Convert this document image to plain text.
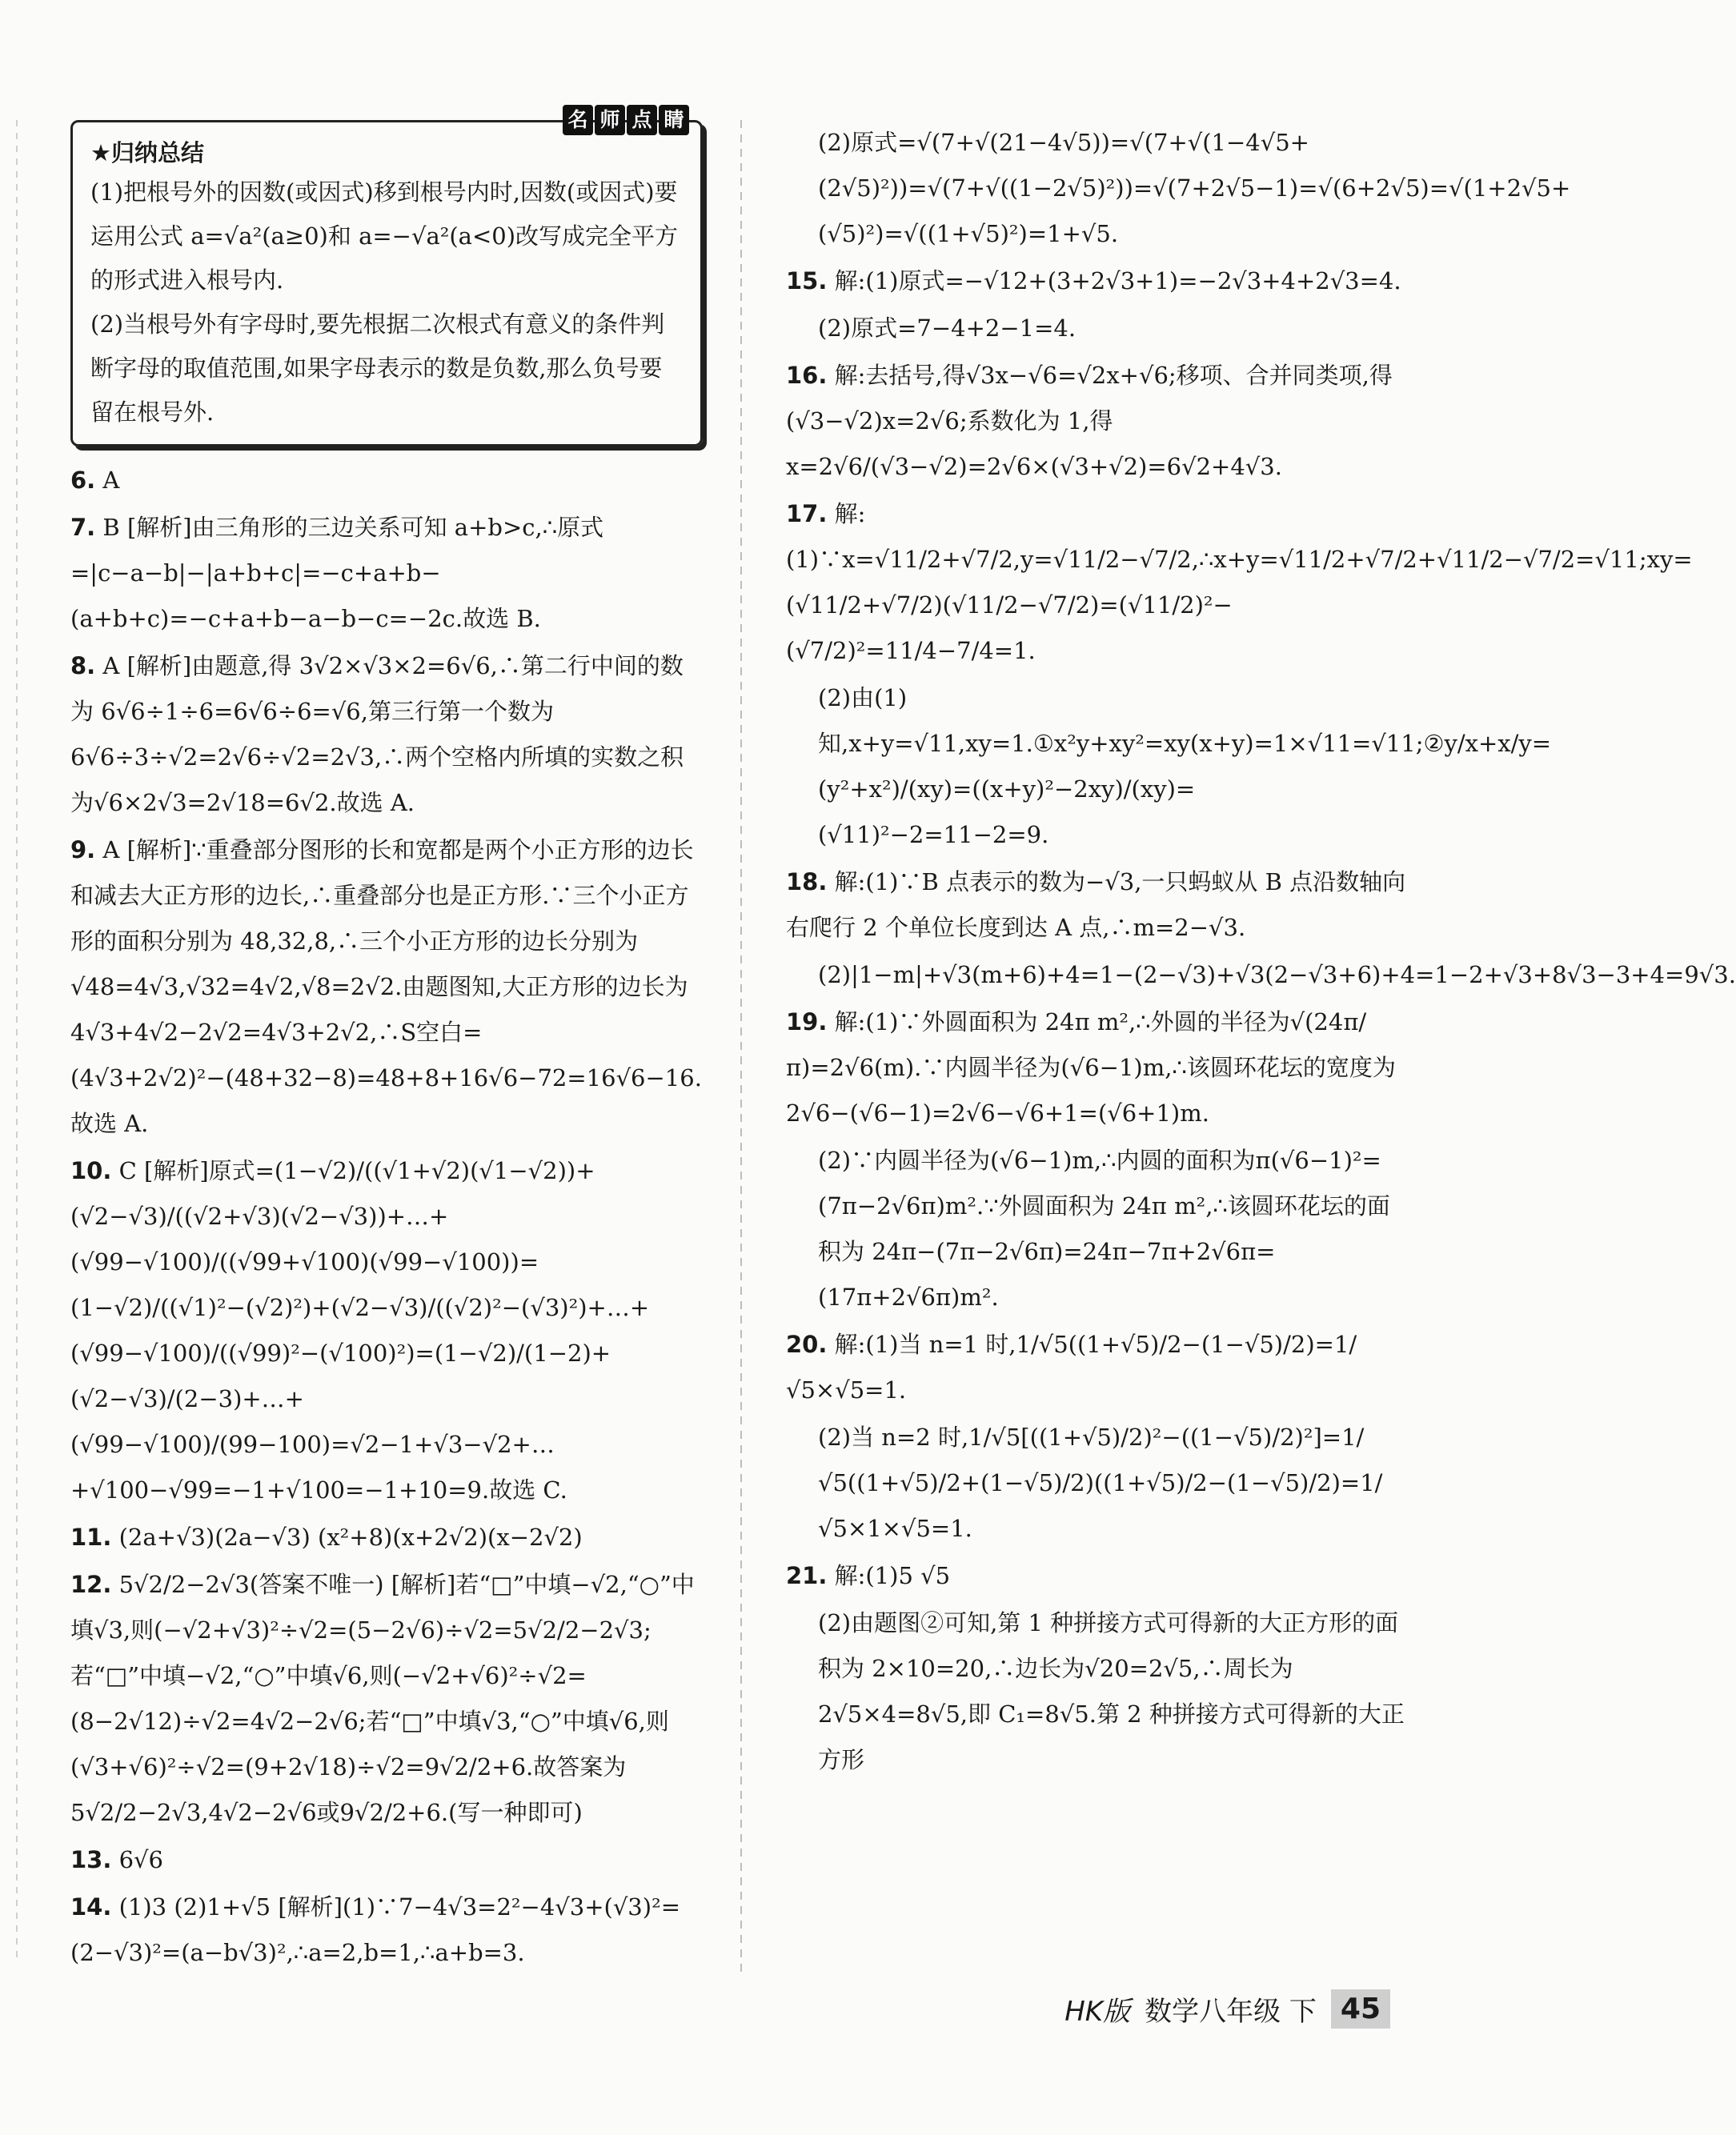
名 师 点 睛
★归纳总结
(1)把根号外的因数(或因式)移到根号内时,因数(或因式)要运用公式 a=√a²(a≥0)和 a=−√a²(a<0)改写成完全平方的形式进入根号内.
(2)当根号外有字母时,要先根据二次根式有意义的条件判断字母的取值范围,如果字母表示的数是负数,那么负号要留在根号外.
6. A
7. B [解析]由三角形的三边关系可知 a+b>c,∴原式=|c−a−b|−|a+b+c|=−c+a+b−(a+b+c)=−c+a+b−a−b−c=−2c.故选 B.
8. A [解析]由题意,得 3√2×√3×2=6√6,∴第二行中间的数为 6√6÷1÷6=6√6÷6=√6,第三行第一个数为 6√6÷3÷√2=2√6÷√2=2√3,∴两个空格内所填的实数之积为√6×2√3=2√18=6√2.故选 A.
9. A [解析]∵重叠部分图形的长和宽都是两个小正方形的边长和减去大正方形的边长,∴重叠部分也是正方形.∵三个小正方形的面积分别为 48,32,8,∴三个小正方形的边长分别为√48=4√3,√32=4√2,√8=2√2.由题图知,大正方形的边长为 4√3+4√2−2√2=4√3+2√2,∴S空白=(4√3+2√2)²−(48+32−8)=48+8+16√6−72=16√6−16.故选 A.
10. C [解析]原式=(1−√2)/((√1+√2)(√1−√2))+(√2−√3)/((√2+√3)(√2−√3))+…+(√99−√100)/((√99+√100)(√99−√100))=(1−√2)/((√1)²−(√2)²)+(√2−√3)/((√2)²−(√3)²)+…+(√99−√100)/((√99)²−(√100)²)=(1−√2)/(1−2)+(√2−√3)/(2−3)+…+(√99−√100)/(99−100)=√2−1+√3−√2+…+√100−√99=−1+√100=−1+10=9.故选 C.
11. (2a+√3)(2a−√3) (x²+8)(x+2√2)(x−2√2)
12. 5√2/2−2√3(答案不唯一) [解析]若“□”中填−√2,“○”中填√3,则(−√2+√3)²÷√2=(5−2√6)÷√2=5√2/2−2√3;若“□”中填−√2,“○”中填√6,则(−√2+√6)²÷√2=(8−2√12)÷√2=4√2−2√6;若“□”中填√3,“○”中填√6,则(√3+√6)²÷√2=(9+2√18)÷√2=9√2/2+6.故答案为5√2/2−2√3,4√2−2√6或9√2/2+6.(写一种即可)
13. 6√6
14. (1)3 (2)1+√5 [解析](1)∵7−4√3=2²−4√3+(√3)²=(2−√3)²=(a−b√3)²,∴a=2,b=1,∴a+b=3.
(2)原式=√(7+√(21−4√5))=√(7+√(1−4√5+(2√5)²))=√(7+√((1−2√5)²))=√(7+2√5−1)=√(6+2√5)=√(1+2√5+(√5)²)=√((1+√5)²)=1+√5.
15. 解:(1)原式=−√12+(3+2√3+1)=−2√3+4+2√3=4.
(2)原式=7−4+2−1=4.
16. 解:去括号,得√3x−√6=√2x+√6;移项、合并同类项,得(√3−√2)x=2√6;系数化为 1,得 x=2√6/(√3−√2)=2√6×(√3+√2)=6√2+4√3.
17. 解:(1)∵x=√11/2+√7/2,y=√11/2−√7/2,∴x+y=√11/2+√7/2+√11/2−√7/2=√11;xy=(√11/2+√7/2)(√11/2−√7/2)=(√11/2)²−(√7/2)²=11/4−7/4=1.
(2)由(1)知,x+y=√11,xy=1.①x²y+xy²=xy(x+y)=1×√11=√11;②y/x+x/y=(y²+x²)/(xy)=((x+y)²−2xy)/(xy)=(√11)²−2=11−2=9.
18. 解:(1)∵B 点表示的数为−√3,一只蚂蚁从 B 点沿数轴向右爬行 2 个单位长度到达 A 点,∴m=2−√3.
(2)|1−m|+√3(m+6)+4=1−(2−√3)+√3(2−√3+6)+4=1−2+√3+8√3−3+4=9√3.
19. 解:(1)∵外圆面积为 24π m²,∴外圆的半径为√(24π/π)=2√6(m).∵内圆半径为(√6−1)m,∴该圆环花坛的宽度为2√6−(√6−1)=2√6−√6+1=(√6+1)m.
(2)∵内圆半径为(√6−1)m,∴内圆的面积为π(√6−1)²=(7π−2√6π)m².∵外圆面积为 24π m²,∴该圆环花坛的面积为 24π−(7π−2√6π)=24π−7π+2√6π=(17π+2√6π)m².
20. 解:(1)当 n=1 时,1/√5((1+√5)/2−(1−√5)/2)=1/√5×√5=1.
(2)当 n=2 时,1/√5[((1+√5)/2)²−((1−√5)/2)²]=1/√5((1+√5)/2+(1−√5)/2)((1+√5)/2−(1−√5)/2)=1/√5×1×√5=1.
21. 解:(1)5 √5
(2)由题图②可知,第 1 种拼接方式可得新的大正方形的面积为 2×10=20,∴边长为√20=2√5,∴周长为2√5×4=8√5,即 C₁=8√5.第 2 种拼接方式可得新的大正方形
HK版 数学八年级 下 45
